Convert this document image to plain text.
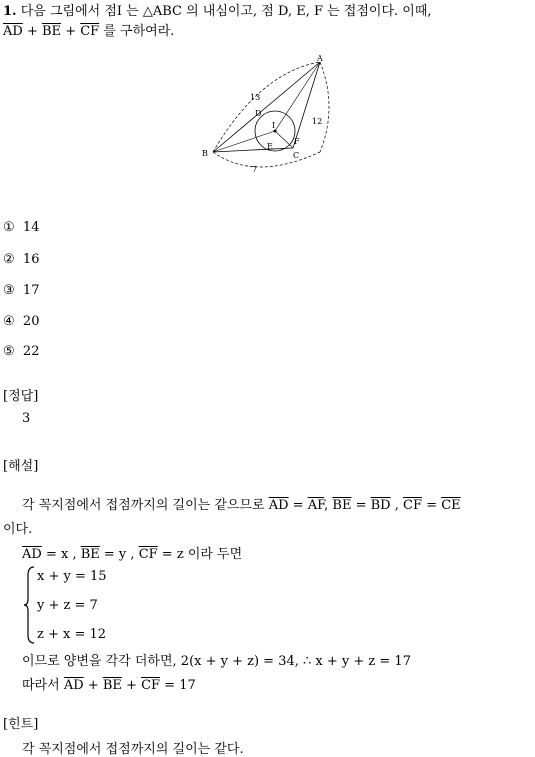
1. 다음 그림에서 점I 는 △ABC 의 내심이고, 점 D, E, F 는 접점이다. 이때,
$\overline{AD} + \overline{BE} + \overline{CF}$ 를 구하여라.
A
B	C
D
E
F
I
13
12
7
① 14
② 16
③ 17
④ 20
⑤ 22
[정답]
3
[해설]
각 꼭지점에서 접점까지의 길이는 같으므로 $\overline{AD} = \overline{AF}$, $\overline{BE} = \overline{BD}$ , $\overline{CF} = \overline{CE}$
이다.
$\overline{AD} = x$ , $\overline{BE} = y$ , $\overline{CF} = z$ 이라 두면
x + y = 15
y + z = 7
z + x = 12
이므로 양변을 각각 더하면, 2(x + y + z) = 34, ∴ x + y + z = 17
따라서 $\overline{AD} + \overline{BE} + \overline{CF} = 17$
[힌트]
각 꼭지점에서 접점까지의 길이는 같다.
